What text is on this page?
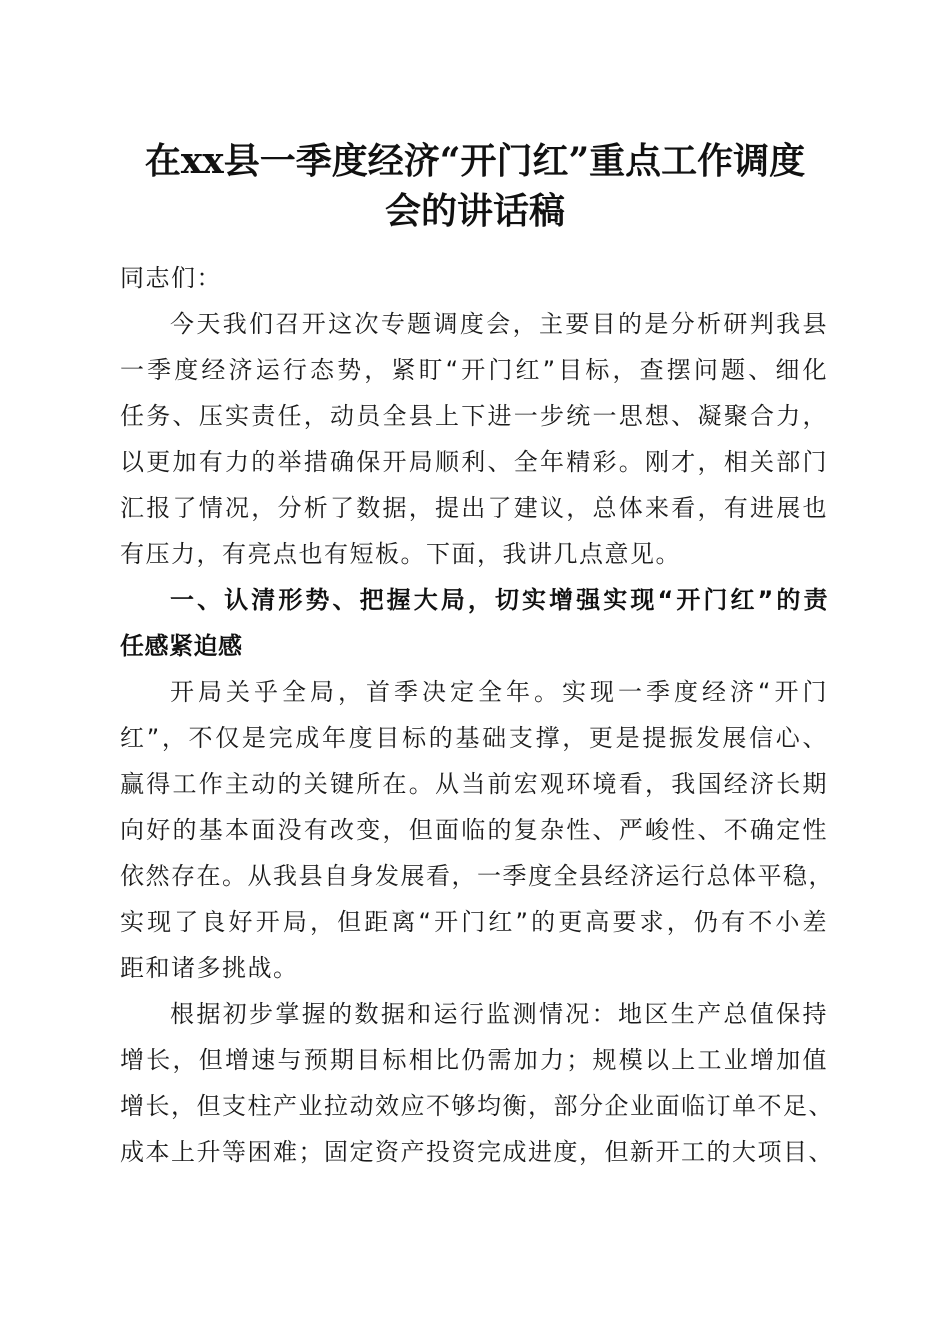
在xx县一季度经济“开门红”重点工作调度
会的讲话稿
同志们：
今天我们召开这次专题调度会，主要目的是分析研判我县
一季度经济运行态势，紧盯“开门红”目标，查摆问题、细化
任务、压实责任，动员全县上下进一步统一思想、凝聚合力，
以更加有力的举措确保开局顺利、全年精彩。刚才，相关部门
汇报了情况，分析了数据，提出了建议，总体来看，有进展也
有压力，有亮点也有短板。下面，我讲几点意见。
一、认清形势、把握大局，切实增强实现“开门红”的责
任感紧迫感
开局关乎全局，首季决定全年。实现一季度经济“开门
红”，不仅是完成年度目标的基础支撑，更是提振发展信心、
赢得工作主动的关键所在。从当前宏观环境看，我国经济长期
向好的基本面没有改变，但面临的复杂性、严峻性、不确定性
依然存在。从我县自身发展看，一季度全县经济运行总体平稳，
实现了良好开局，但距离“开门红”的更高要求，仍有不小差
距和诸多挑战。
根据初步掌握的数据和运行监测情况：地区生产总值保持
增长，但增速与预期目标相比仍需加力；规模以上工业增加值
增长，但支柱产业拉动效应不够均衡，部分企业面临订单不足、
成本上升等困难；固定资产投资完成进度，但新开工的大项目、
